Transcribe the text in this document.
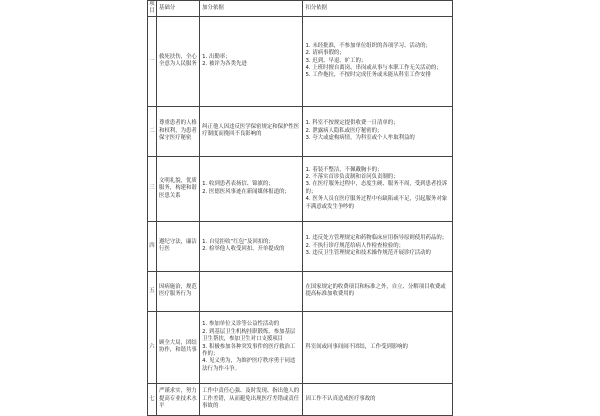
项目	基础分	加分依据	扣分依据
一	救死扶伤，全心全意为人民服务	1. 出勤率；
2. 被评为各类先进	1. 未经批准，不参加单位组织的各项学习、活动的；
2. 请病事假的；
3. 迟到、早退、旷工的；
4. 上班时擅自离岗、串岗或从事与本职工作无关活动的；
5. 工作拖拉，不按时完成任务或未能从科室工作安排

二	尊重患者的人格和权利，为患者保守医疗秘密	纠正他人因违反医学保密规定和保护性医疗制度而挽回不良影响的	1. 科室不按规定提供收费一日清单的；
2. 泄露病人隐私或医疗秘密的；
3. 夸大或虚构病情，为科室或个人牟取利益的

三	文明礼貌，优质服务，构建和谐医患关系	1. 收到患者表扬信、锦旗的；
2. 医德医风事迹在新闻媒体报道的；	1. 着装不整洁，不佩戴胸卡的；
2. 不落实首诊负责制和首问负责制的；
3. 在医疗服务过程中，态度生硬、服务不周，受到患者投诉的；
4. 医务人员在医疗服务过程中有缺陷或不足，引起服务对象不满意或发生争吵的

四	遵纪守法，廉洁行医	1. 自觉拒收“红包”及回扣的；
2. 检举他人收受回扣、开单提成的	1. 违反处方管理规定和药物临床应用指导原则使用药品的；
2. 不执行诊疗规范给病人作检查检验的；
3. 违反卫生管理规定和技术操作规范开展诊疗活动的

五	因病施治，规范医疗服务行为		在国家规定的收费项目和标准之外，自立、分解项目收费或提高标准加收费用的

六	顾全大局，团结协作，和谐共事	1. 参加单位义诊等公益性活动的
2. 到基层卫生机构挂职锻炼，参加基层卫生帮扶，参加卫生对口支援项目
3. 积极参加各种突发事件的医疗救治工作的；
4. 见义勇为，为维护医疗秩序勇于同违法行为作斗争。	科室间或同事间闹不团结，工作受到影响的

七	严谨求实，努力提高专业技术水平	工作中责任心强、及时发现、指出他人的工作差错，从而避免出现医疗差错或责任事故的	因工作不认真造成医疗事故的
